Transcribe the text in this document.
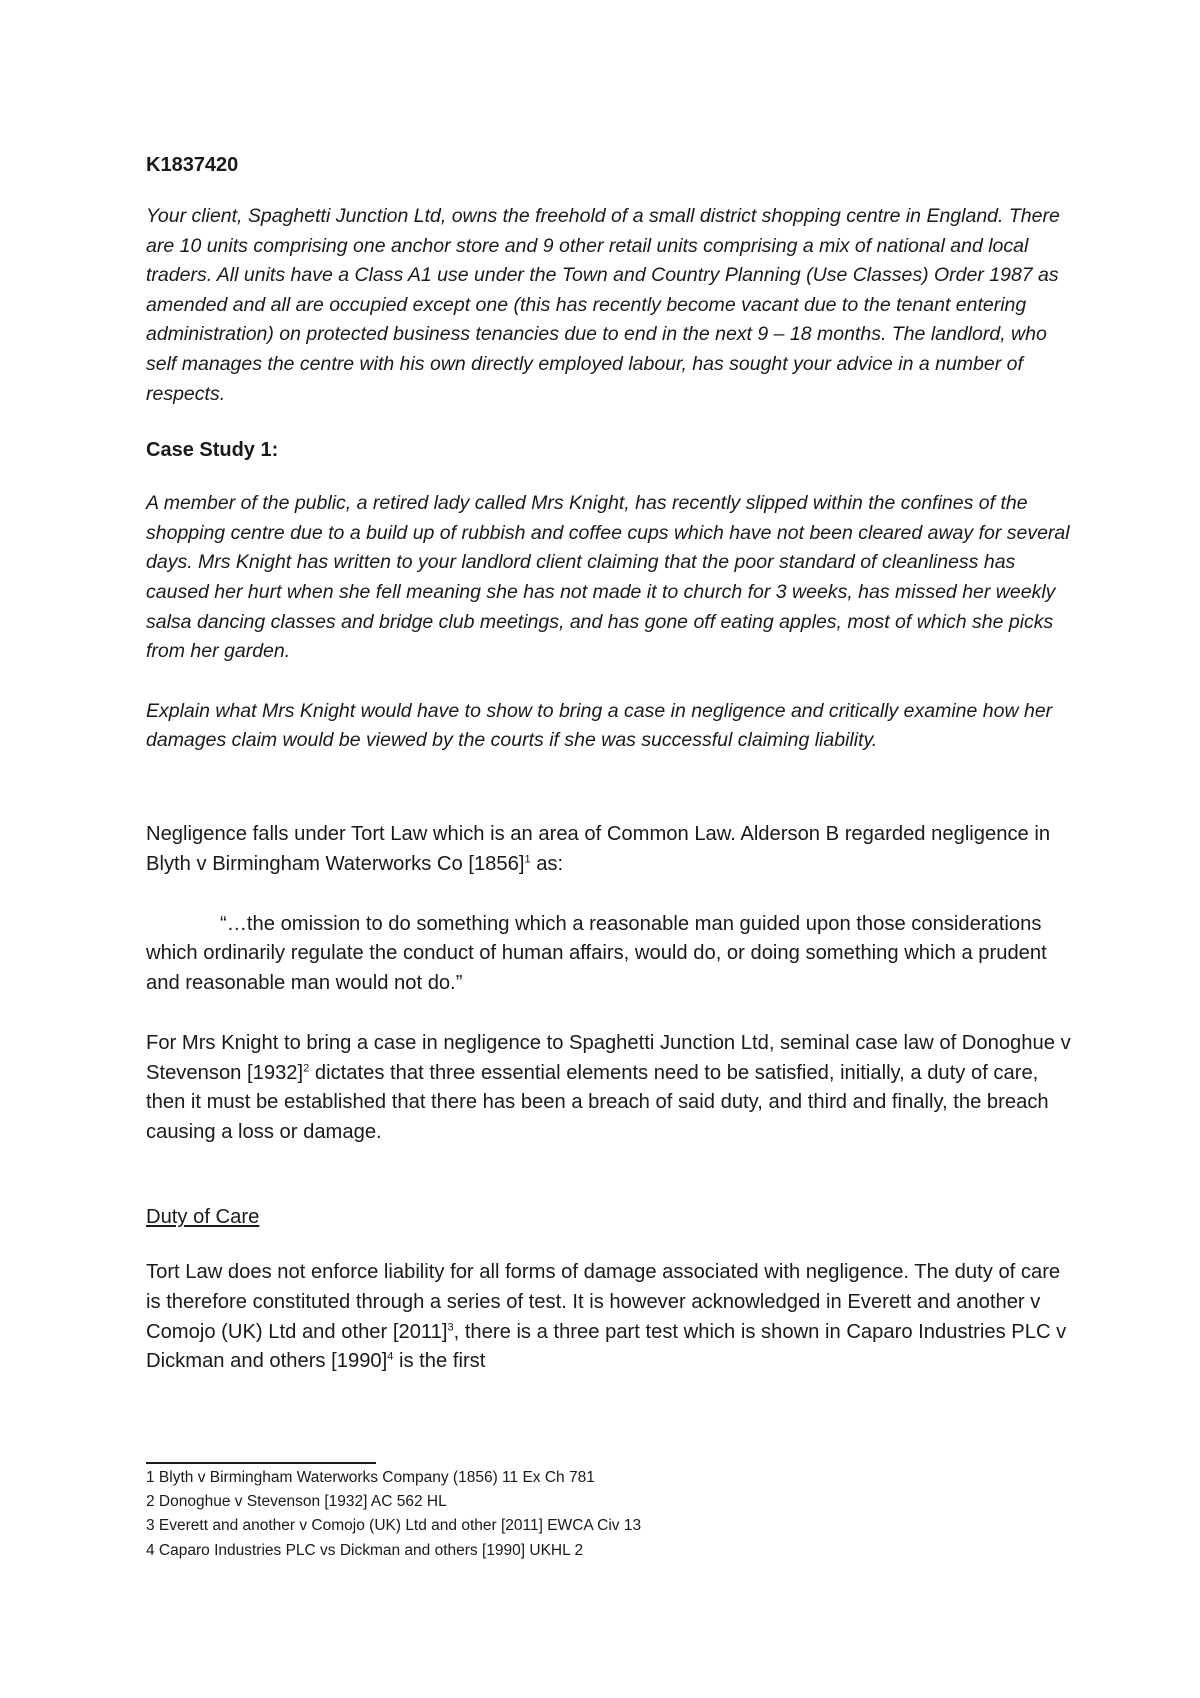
K1837420

Your client, Spaghetti Junction Ltd, owns the freehold of a small district shopping centre in England. There are 10 units comprising one anchor store and 9 other retail units comprising a mix of national and local traders. All units have a Class A1 use under the Town and Country Planning (Use Classes) Order 1987 as amended and all are occupied except one (this has recently become vacant due to the tenant entering administration) on protected business tenancies due to end in the next 9 – 18 months. The landlord, who self manages the centre with his own directly employed labour, has sought your advice in a number of respects.

Case Study 1:

A member of the public, a retired lady called Mrs Knight, has recently slipped within the confines of the shopping centre due to a build up of rubbish and coffee cups which have not been cleared away for several days. Mrs Knight has written to your landlord client claiming that the poor standard of cleanliness has caused her hurt when she fell meaning she has not made it to church for 3 weeks, has missed her weekly salsa dancing classes and bridge club meetings, and has gone off eating apples, most of which she picks from her garden.

Explain what Mrs Knight would have to show to bring a case in negligence and critically examine how her damages claim would be viewed by the courts if she was successful claiming liability.

Negligence falls under Tort Law which is an area of Common Law. Alderson B regarded negligence in Blyth v Birmingham Waterworks Co $[1856]^1$ as:

“…the omission to do something which a reasonable man guided upon those considerations which ordinarily regulate the conduct of human affairs, would do, or doing something which a prudent and reasonable man would not do.”

For Mrs Knight to bring a case in negligence to Spaghetti Junction Ltd, seminal case law of Donoghue v Stevenson $[1932]^2$ dictates that three essential elements need to be satisfied, initially, a duty of care, then it must be established that there has been a breach of said duty, and third and finally, the breach causing a loss or damage.

Duty of Care

Tort Law does not enforce liability for all forms of damage associated with negligence. The duty of care is therefore constituted through a series of test. It is however acknowledged in Everett and another v Comojo (UK) Ltd and other $[2011]^3$, there is a three part test which is shown in Caparo Industries PLC v Dickman and others $[1990]^4$ is the first

1 Blyth v Birmingham Waterworks Company (1856) 11 Ex Ch 781
2 Donoghue v Stevenson [1932] AC 562 HL
3 Everett and another v Comojo (UK) Ltd and other [2011] EWCA Civ 13
4 Caparo Industries PLC vs Dickman and others [1990] UKHL 2
